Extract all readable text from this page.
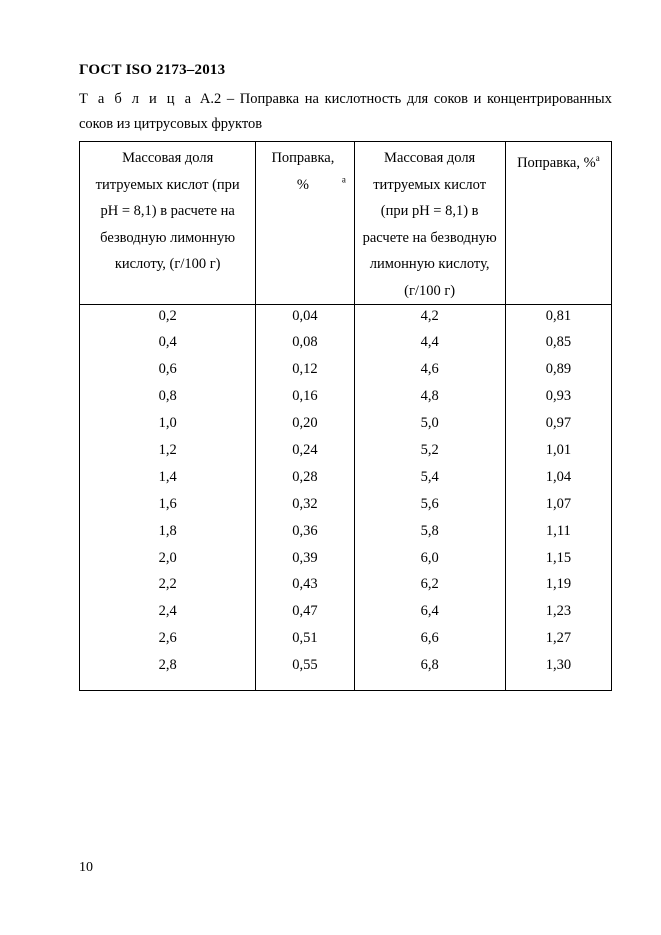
ГОСТ ISO 2173–2013
Т а б л и ц а А.2 – Поправка на кислотность для соков и концентрированных
соков из цитрусовых фруктов
Массовая доля титруемых кислот (при pH = 8,1) в расчете на безводную лимонную кислоту, (г/100 г)	Поправка, % $^а$	Массовая доля титруемых кислот (при pH = 8,1) в расчете на безводную лимонную кислоту, (г/100 г)	Поправка, %$^а$
0,2	0,04	4,2	0,81
0,4	0,08	4,4	0,85
0,6	0,12	4,6	0,89
0,8	0,16	4,8	0,93
1,0	0,20	5,0	0,97
1,2	0,24	5,2	1,01
1,4	0,28	5,4	1,04
1,6	0,32	5,6	1,07
1,8	0,36	5,8	1,11
2,0	0,39	6,0	1,15
2,2	0,43	6,2	1,19
2,4	0,47	6,4	1,23
2,6	0,51	6,6	1,27
2,8	0,55	6,8	1,30
10
